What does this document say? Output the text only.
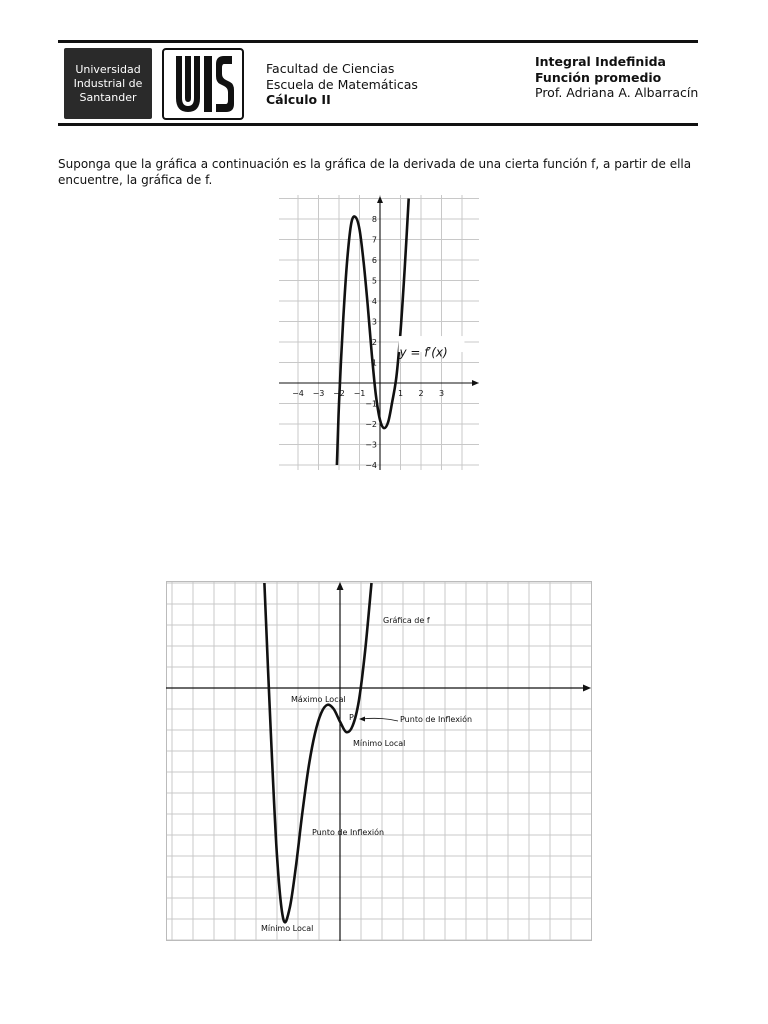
Universidad
Industrial de
Santander
Facultad de Ciencias
Escuela de Matemáticas
Cálculo II
Integral Indefinida
Función promedio
Prof. Adriana A. Albarracín
Suponga que la gráfica a continuación es la gráfica de la derivada de una cierta función f, a partir de ella
encuentre, la gráfica de f.
−4 −3 −2 −1	1 2 3
−4
−3
−2
−1
1
2
3
4
5
6
7
8
y = f′(x)
Gráfica de f
Máximo Local
P	Punto de Inflexión
Mínimo Local
Punto de Inflexión
Mínimo Local
